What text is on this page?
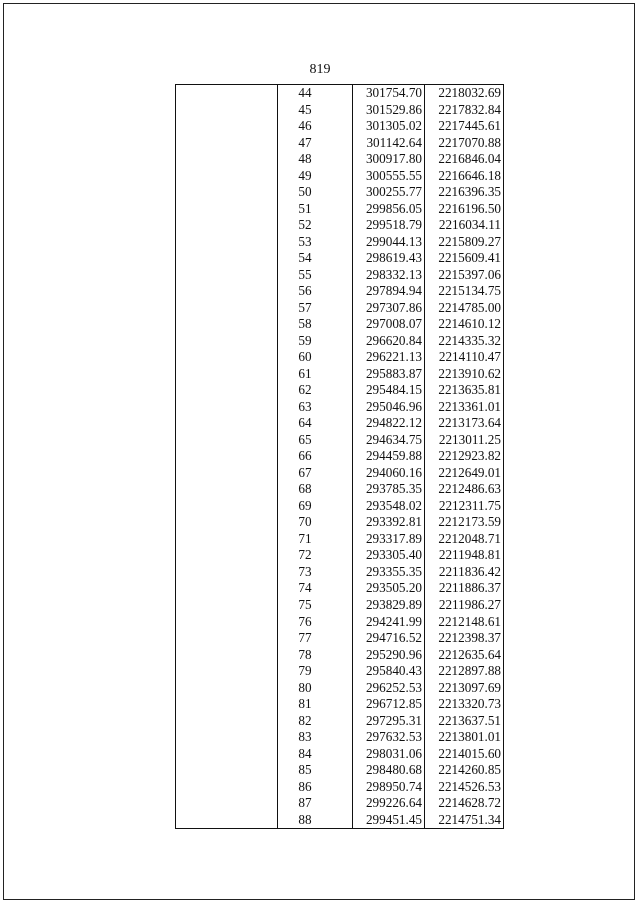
819
	44	301754.70	2218032.69
	45	301529.86	2217832.84
	46	301305.02	2217445.61
	47	301142.64	2217070.88
	48	300917.80	2216846.04
	49	300555.55	2216646.18
	50	300255.77	2216396.35
	51	299856.05	2216196.50
	52	299518.79	2216034.11
	53	299044.13	2215809.27
	54	298619.43	2215609.41
	55	298332.13	2215397.06
	56	297894.94	2215134.75
	57	297307.86	2214785.00
	58	297008.07	2214610.12
	59	296620.84	2214335.32
	60	296221.13	2214110.47
	61	295883.87	2213910.62
	62	295484.15	2213635.81
	63	295046.96	2213361.01
	64	294822.12	2213173.64
	65	294634.75	2213011.25
	66	294459.88	2212923.82
	67	294060.16	2212649.01
	68	293785.35	2212486.63
	69	293548.02	2212311.75
	70	293392.81	2212173.59
	71	293317.89	2212048.71
	72	293305.40	2211948.81
	73	293355.35	2211836.42
	74	293505.20	2211886.37
	75	293829.89	2211986.27
	76	294241.99	2212148.61
	77	294716.52	2212398.37
	78	295290.96	2212635.64
	79	295840.43	2212897.88
	80	296252.53	2213097.69
	81	296712.85	2213320.73
	82	297295.31	2213637.51
	83	297632.53	2213801.01
	84	298031.06	2214015.60
	85	298480.68	2214260.85
	86	298950.74	2214526.53
	87	299226.64	2214628.72
	88	299451.45	2214751.34
